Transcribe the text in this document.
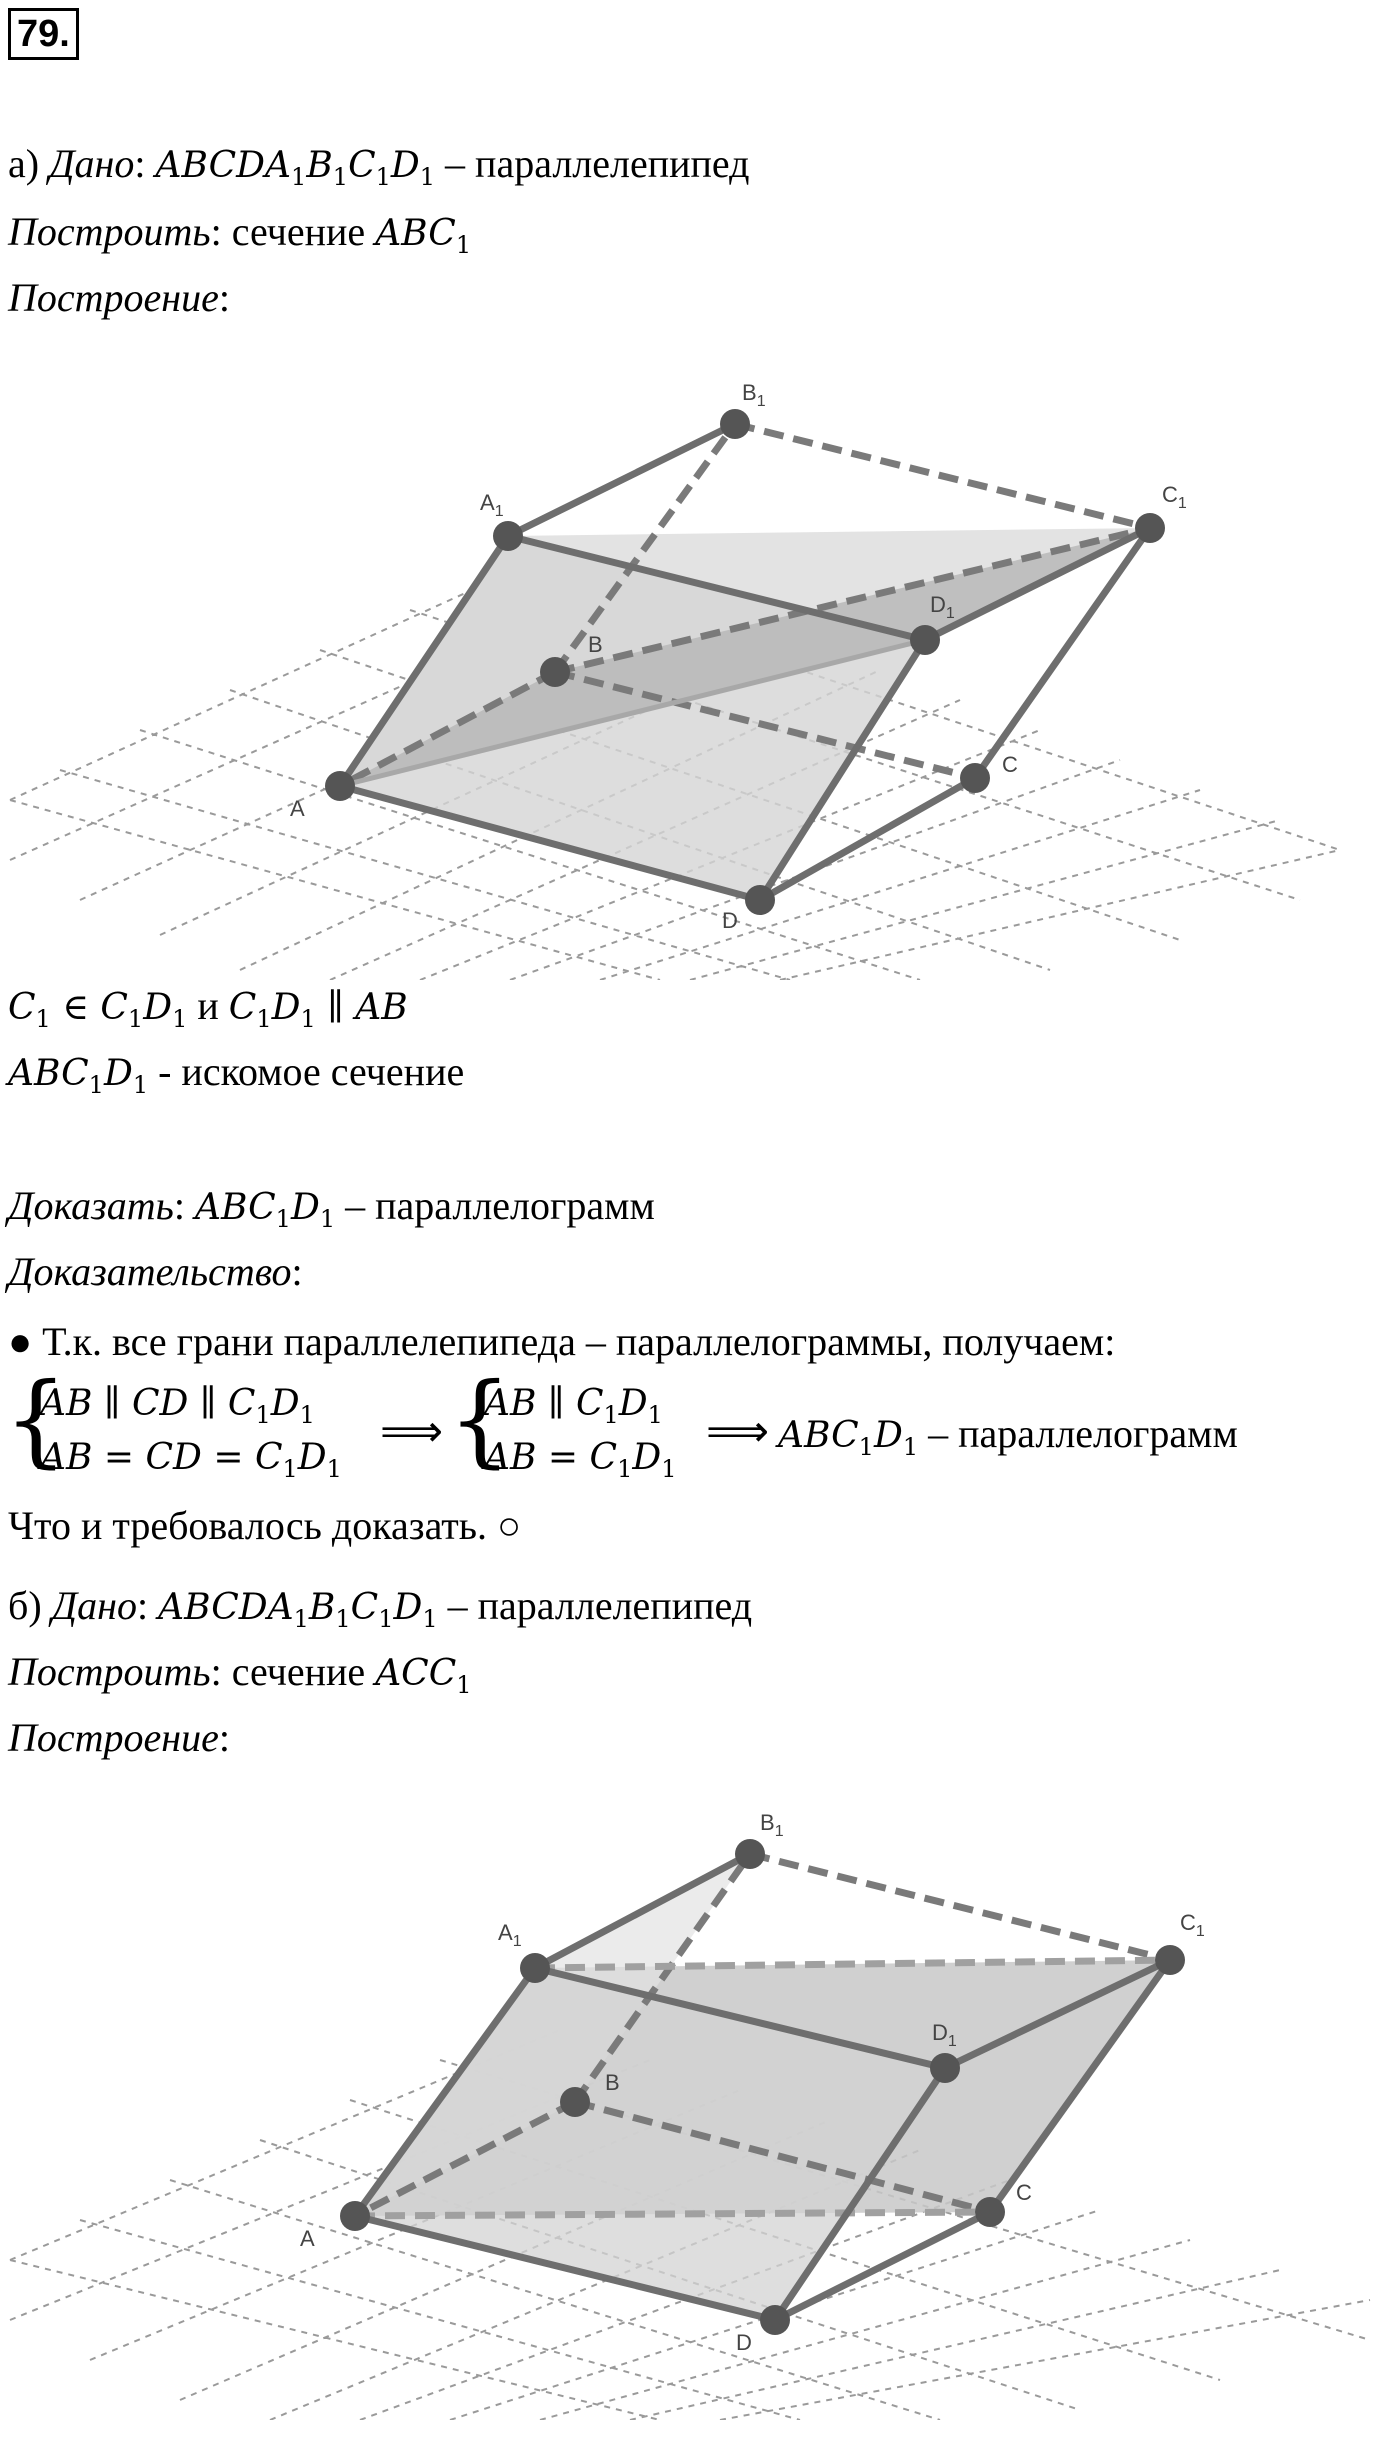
79.
а) Дано: $ABCDA_1B_1C_1D_1$ – параллелепипед
Построить: сечение $ABC_1$
Построение:
A
D
C
B
$A_1$
$D_1$
$C_1$
$B_1$
$C_1$ ∈ $C_1D_1$ и $C_1D_1$ ∥ AB
$ABC_1D_1$ - искомое сечение
Доказать: $ABC_1D_1$ – параллелограмм
Доказательство:
● Т.к. все грани параллелепипеда – параллелограммы, получаем:
{
AB ∥ CD ∥ $C_1D_1$
AB = CD = $C_1D_1$
⟹ {
AB ∥ $C_1D_1$
AB = $C_1D_1$
⟹ $ABC_1D_1$ – параллелограмм
Что и требовалось доказать. ○
б) Дано: $ABCDA_1B_1C_1D_1$ – параллелепипед
Построить: сечение $ACC_1$
Построение:
A
D
C
B
$A_1$
$D_1$
$C_1$
$B_1$
